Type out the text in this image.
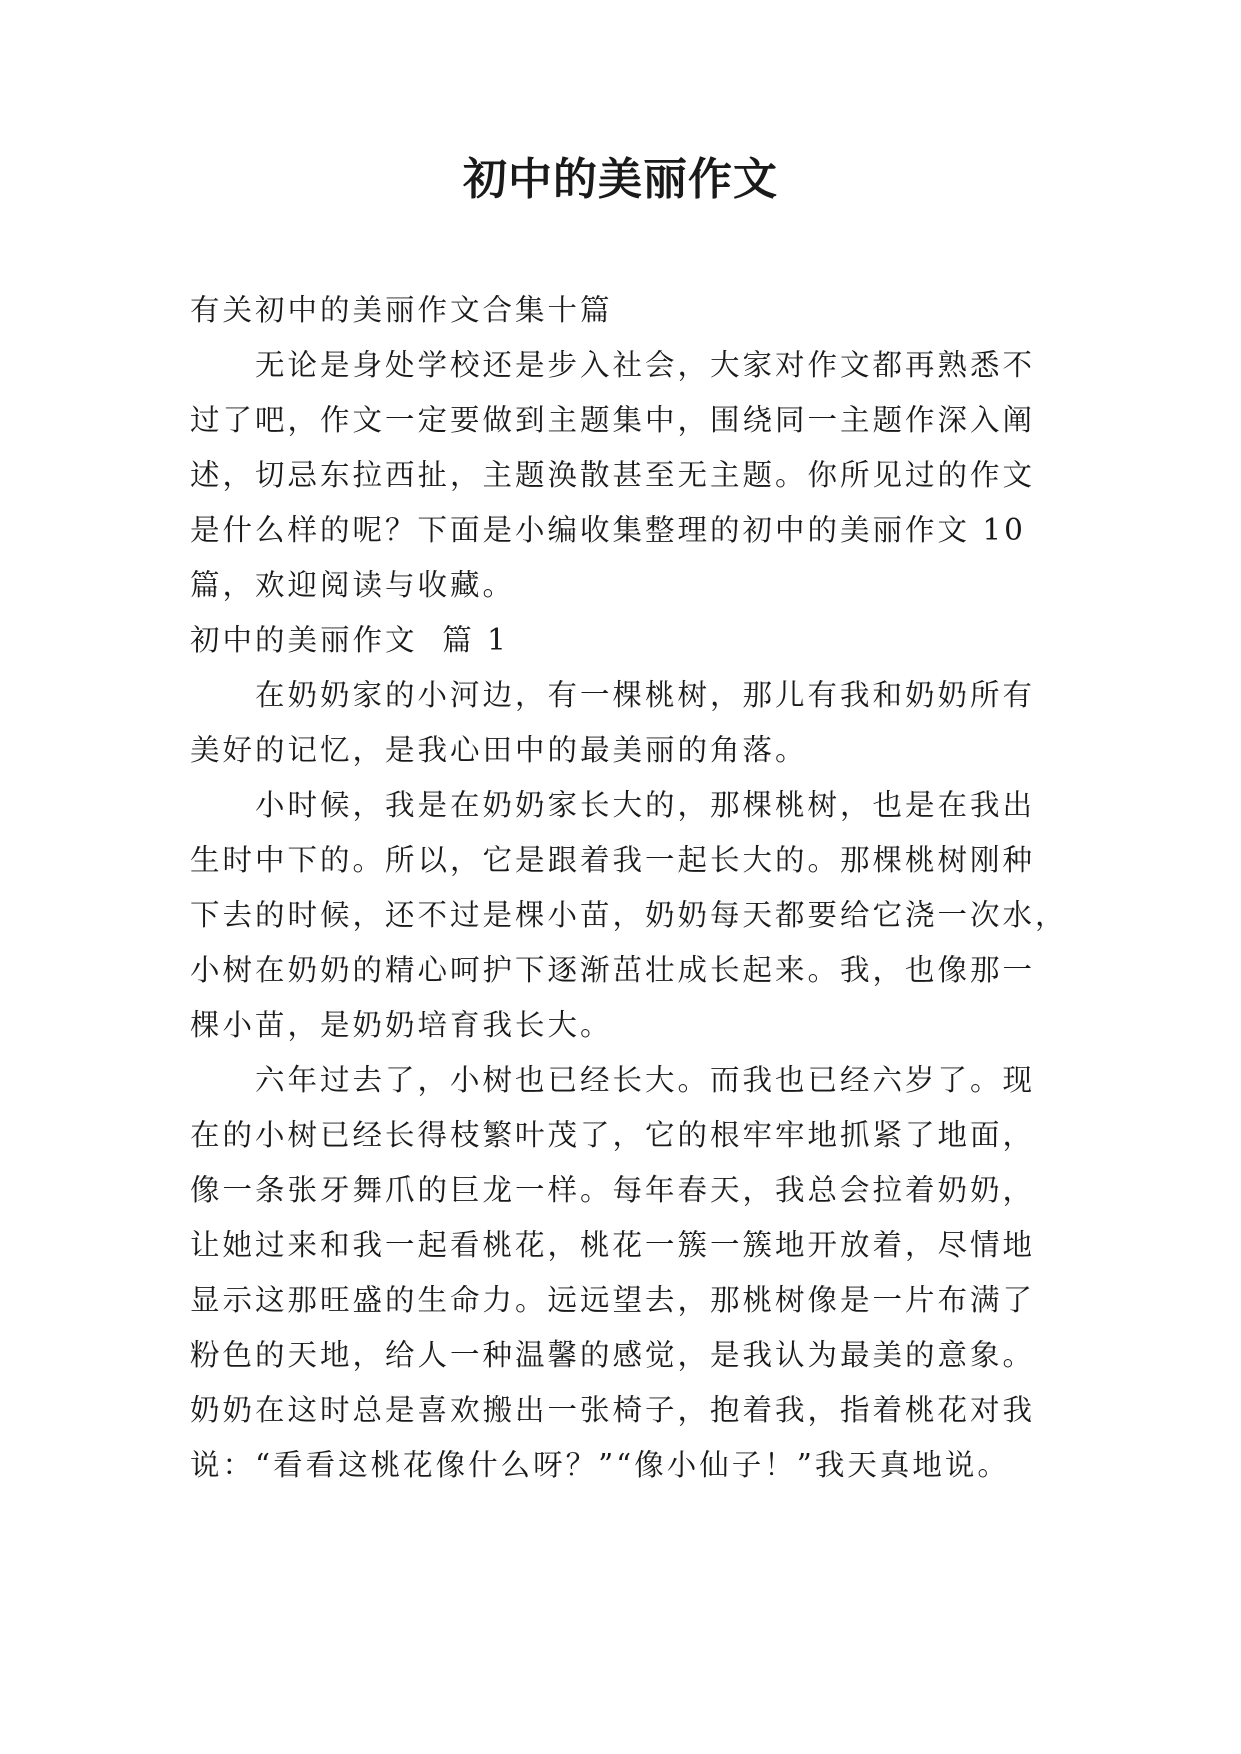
初中的美丽作文

有关初中的美丽作文合集十篇

　　无论是身处学校还是步入社会，大家对作文都再熟悉不

过了吧，作文一定要做到主题集中，围绕同一主题作深入阐

述，切忌东拉西扯，主题涣散甚至无主题。你所见过的作文

是什么样的呢？下面是小编收集整理的初中的美丽作文 10

篇，欢迎阅读与收藏。

初中的美丽作文  篇 1

　　在奶奶家的小河边，有一棵桃树，那儿有我和奶奶所有

美好的记忆，是我心田中的最美丽的角落。

　　小时候，我是在奶奶家长大的，那棵桃树，也是在我出

生时中下的。所以，它是跟着我一起长大的。那棵桃树刚种

下去的时候，还不过是棵小苗，奶奶每天都要给它浇一次水，

小树在奶奶的精心呵护下逐渐茁壮成长起来。我，也像那一

棵小苗，是奶奶培育我长大。

　　六年过去了，小树也已经长大。而我也已经六岁了。现

在的小树已经长得枝繁叶茂了，它的根牢牢地抓紧了地面，

像一条张牙舞爪的巨龙一样。每年春天，我总会拉着奶奶，

让她过来和我一起看桃花，桃花一簇一簇地开放着，尽情地

显示这那旺盛的生命力。远远望去，那桃树像是一片布满了

粉色的天地，给人一种温馨的感觉，是我认为最美的意象。

奶奶在这时总是喜欢搬出一张椅子，抱着我，指着桃花对我

说：“看看这桃花像什么呀？”“像小仙子！”我天真地说。
